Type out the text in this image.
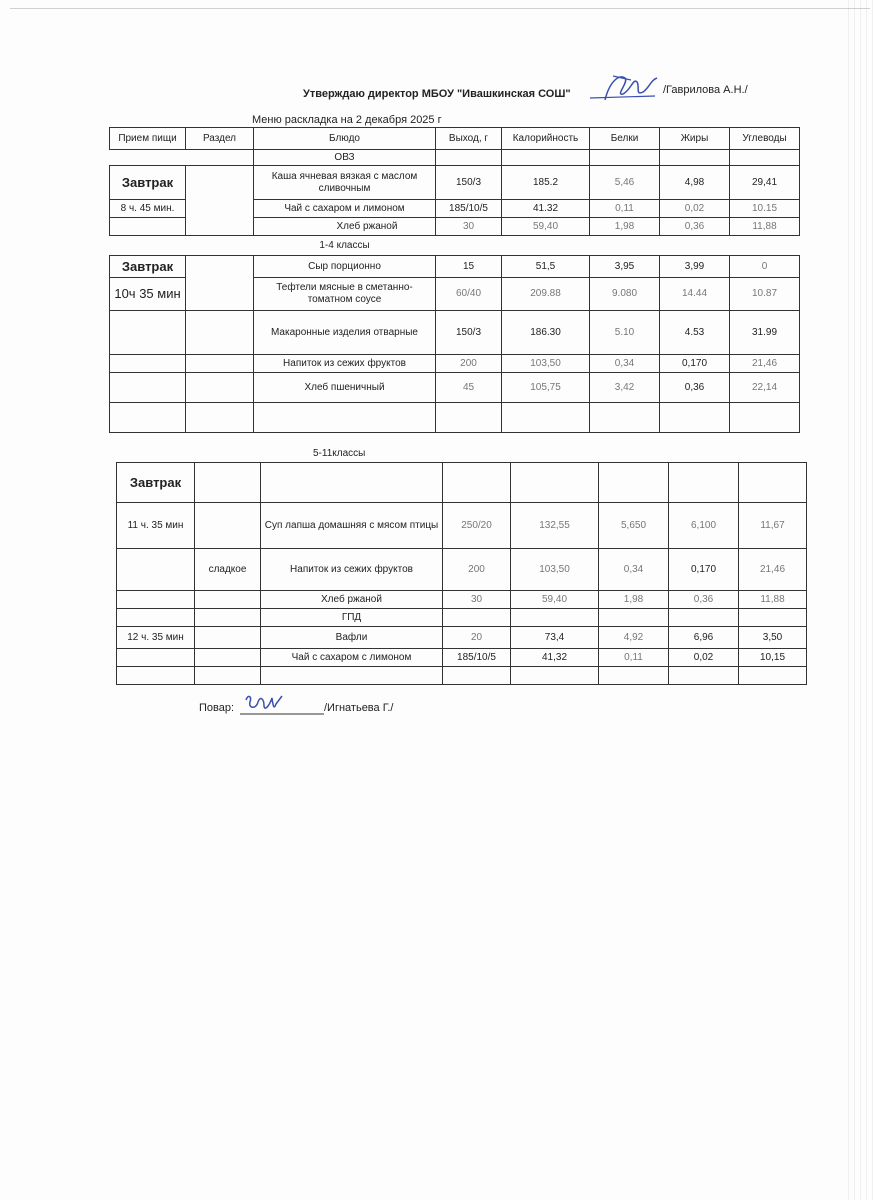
Утверждаю директор МБОУ "Ивашкинская СОШ"	/Гаврилова А.Н./
Меню раскладка на 2 декабря 2025 г
Прием пищи	Раздел	Блюдо	Выход, г	Калорийность	Белки	Жиры	Углеводы
		ОВЗ					
Завтрак		Каша ячневая вязкая с маслом сливочным	150/3	185.2	5,46	4,98	29,41
8 ч. 45 мин.		Чай с сахаром и лимоном	185/10/5	41.32	0,11	0,02	10.15
		Хлеб ржаной	30	59,40	1,98	0,36	11,88
		1-4 классы					
Завтрак		Сыр порционно	15	51,5	3,95	3,99	0
10ч 35 мин		Тефтели мясные в сметанно-томатном соусе	60/40	209.88	9.080	14.44	10.87
		Макаронные изделия отварные	150/3	186.30	5.10	4.53	31.99
		Напиток из сежих фруктов	200	103,50	0,34	0,170	21,46
		Хлеб пшеничный	45	105,75	3,42	0,36	22,14

5-11классы
Завтрак							
11 ч. 35 мин		Суп лапша домашняя с мясом птицы	250/20	132,55	5,650	6,100	11,67
	сладкое	Напиток из сежих фруктов	200	103,50	0,34	0,170	21,46
		Хлеб ржаной	30	59,40	1,98	0,36	11,88
		ГПД					
12 ч. 35 мин		Вафли	20	73,4	4,92	6,96	3,50
		Чай с сахаром с лимоном	185/10/5	41,32	0,11	0,02	10,15

Повар:	/Игнатьева Г./
